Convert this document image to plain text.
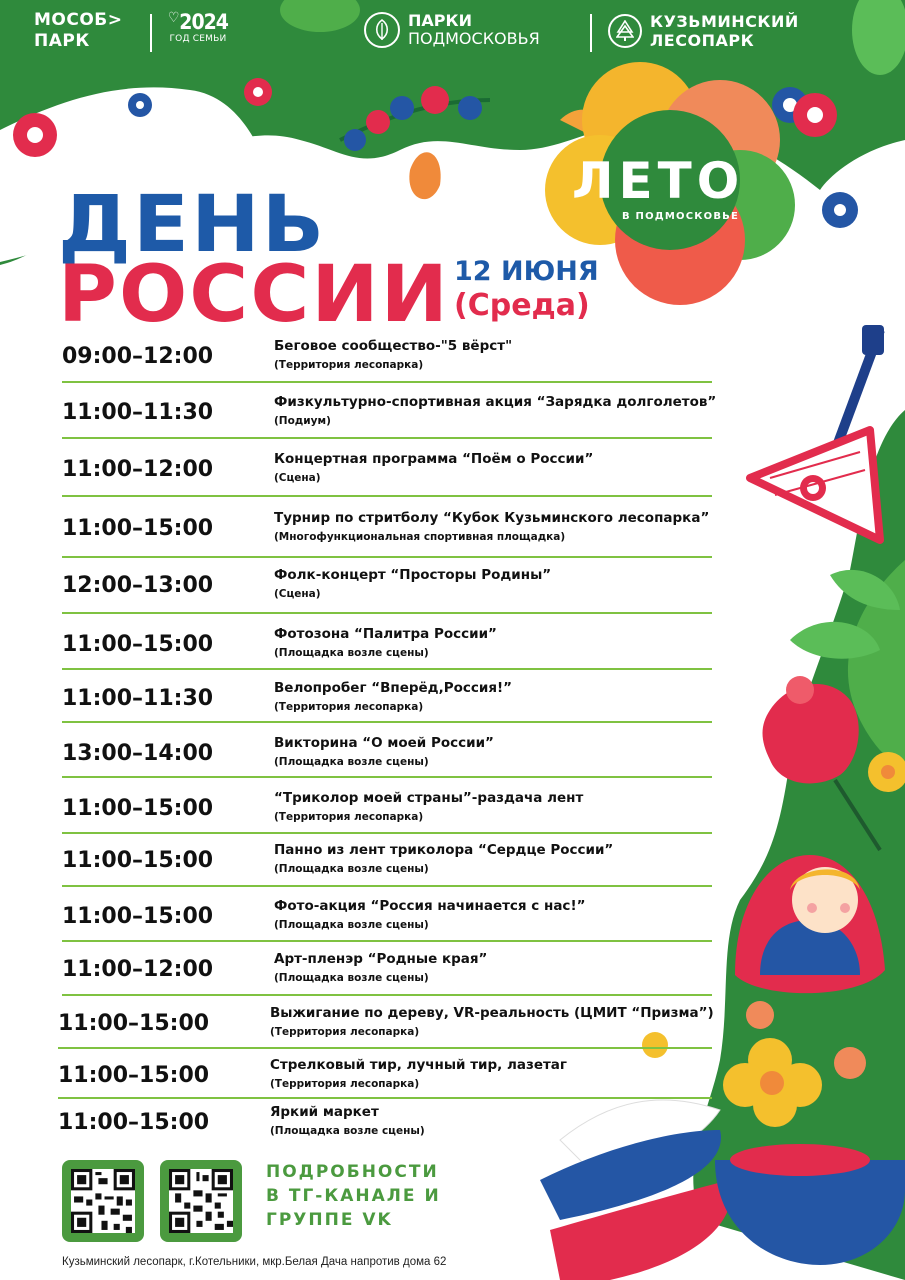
МОСОБ>
ПАРК
♡2024
ГОД СЕМЬИ
ПАРКИ
ПОДМОСКОВЬЯ
КУЗЬМИНСКИЙ
ЛЕСОПАРК
ЛЕТО
В ПОДМОСКОВЬЕ
ДЕНЬ
РОССИИ 12 ИЮНЯ
(Среда)
09:00–12:00	Беговое сообщество-"5 вёрст"
(Территория лесопарка)
11:00–11:30	Физкультурно-спортивная акция “Зарядка долголетов”
(Подиум)
11:00–12:00	Концертная программа “Поём о России”
(Сцена)
11:00–15:00	Турнир по стритболу “Кубок Кузьминского лесопарка”
(Многофункциональная спортивная площадка)
12:00–13:00	Фолк-концерт “Просторы Родины”
(Сцена)
11:00–15:00	Фотозона “Палитра России”
(Площадка возле сцены)
11:00–11:30	Велопробег “Вперёд,Россия!”
(Территория лесопарка)
13:00–14:00	Викторина “О моей России”
(Площадка возле сцены)
11:00–15:00	“Триколор моей страны”-раздача лент
(Территория лесопарка)
11:00–15:00	Панно из лент триколора “Сердце России”
(Площадка возле сцены)
11:00–15:00	Фото-акция “Россия начинается с нас!”
(Площадка возле сцены)
11:00–12:00	Арт-пленэр “Родные края”
(Площадка возле сцены)
11:00–15:00	Выжигание по дереву, VR-реальность (ЦМИТ “Призма”)
(Территория лесопарка)
11:00–15:00	Стрелковый тир, лучный тир, лазетаг
(Территория лесопарка)
11:00–15:00	Яркий маркет
(Площадка возле сцены)
ПОДРОБНОСТИ
В ТГ-КАНАЛЕ И
ГРУППЕ VK
Кузьминский лесопарк, г.Котельники, мкр.Белая Дача напротив дома 62
